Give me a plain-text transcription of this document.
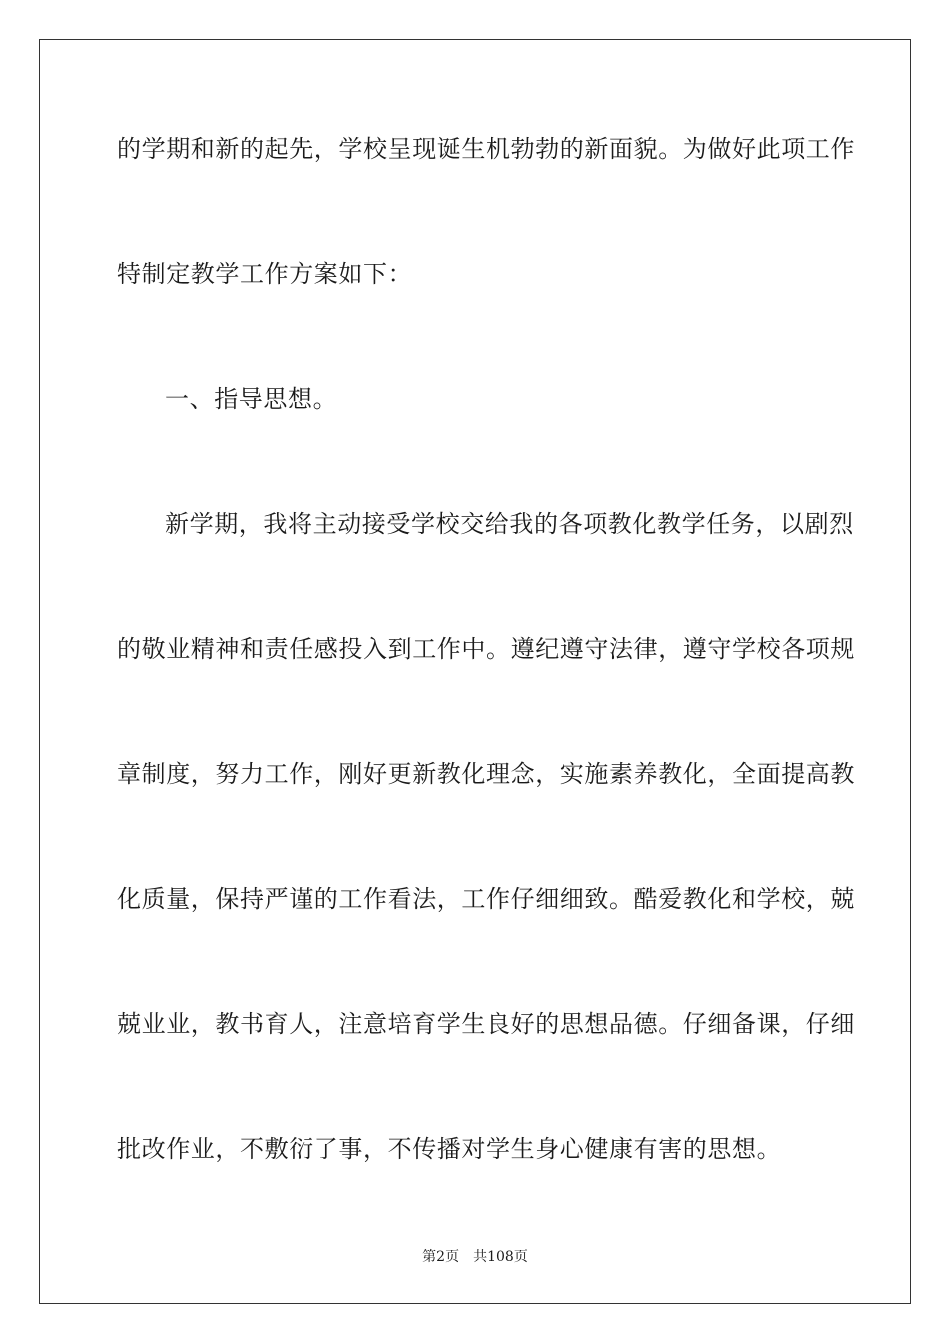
的学期和新的起先，学校呈现诞生机勃勃的新面貌。为做好此项工作
特制定教学工作方案如下：
一、指导思想。
新学期，我将主动接受学校交给我的各项教化教学任务，以剧烈
的敬业精神和责任感投入到工作中。遵纪遵守法律，遵守学校各项规
章制度，努力工作，刚好更新教化理念，实施素养教化，全面提高教
化质量，保持严谨的工作看法，工作仔细细致。酷爱教化和学校，兢
兢业业，教书育人，注意培育学生良好的思想品德。仔细备课，仔细
批改作业，不敷衍了事，不传播对学生身心健康有害的思想。
第2页 共108页
